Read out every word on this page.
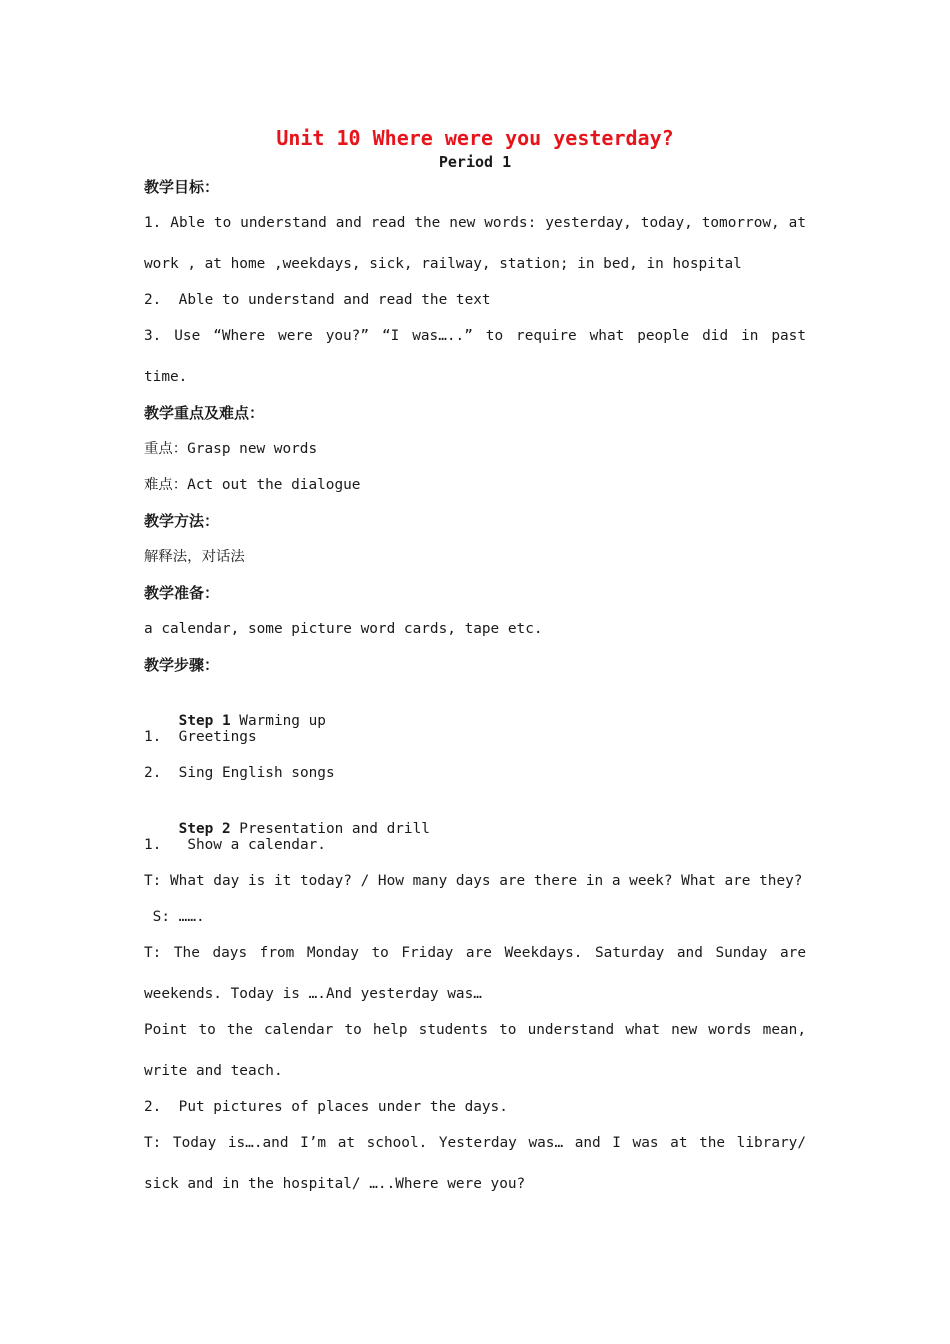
Unit 10 Where were you yesterday?
Period 1
教学目标：
1. Able to understand and read the new words: yesterday, today, tomorrow, at
work , at home ,weekdays, sick, railway, station; in bed, in hospital
2.  Able to understand and read the text
3. Use “Where were you?” “I was…..” to require what people did in past
time.
教学重点及难点：
重点：Grasp new words
难点：Act out the dialogue
教学方法：
解释法，对话法
教学准备：
a calendar, some picture word cards, tape etc.
教学步骤：

Step 1 Warming up

1.  Greetings
2.  Sing English songs

Step 2 Presentation and drill

1.   Show a calendar.
T: What day is it today? / How many days are there in a week? What are they?
S: …….
T: The days from Monday to Friday are Weekdays. Saturday and Sunday are
weekends. Today is ….And yesterday was…
Point to the calendar to help students to understand what new words mean,
write and teach.
2.  Put pictures of places under the days.
T: Today is….and I’m at school. Yesterday was… and I was at the library/
sick and in the hospital/ …..Where were you?
